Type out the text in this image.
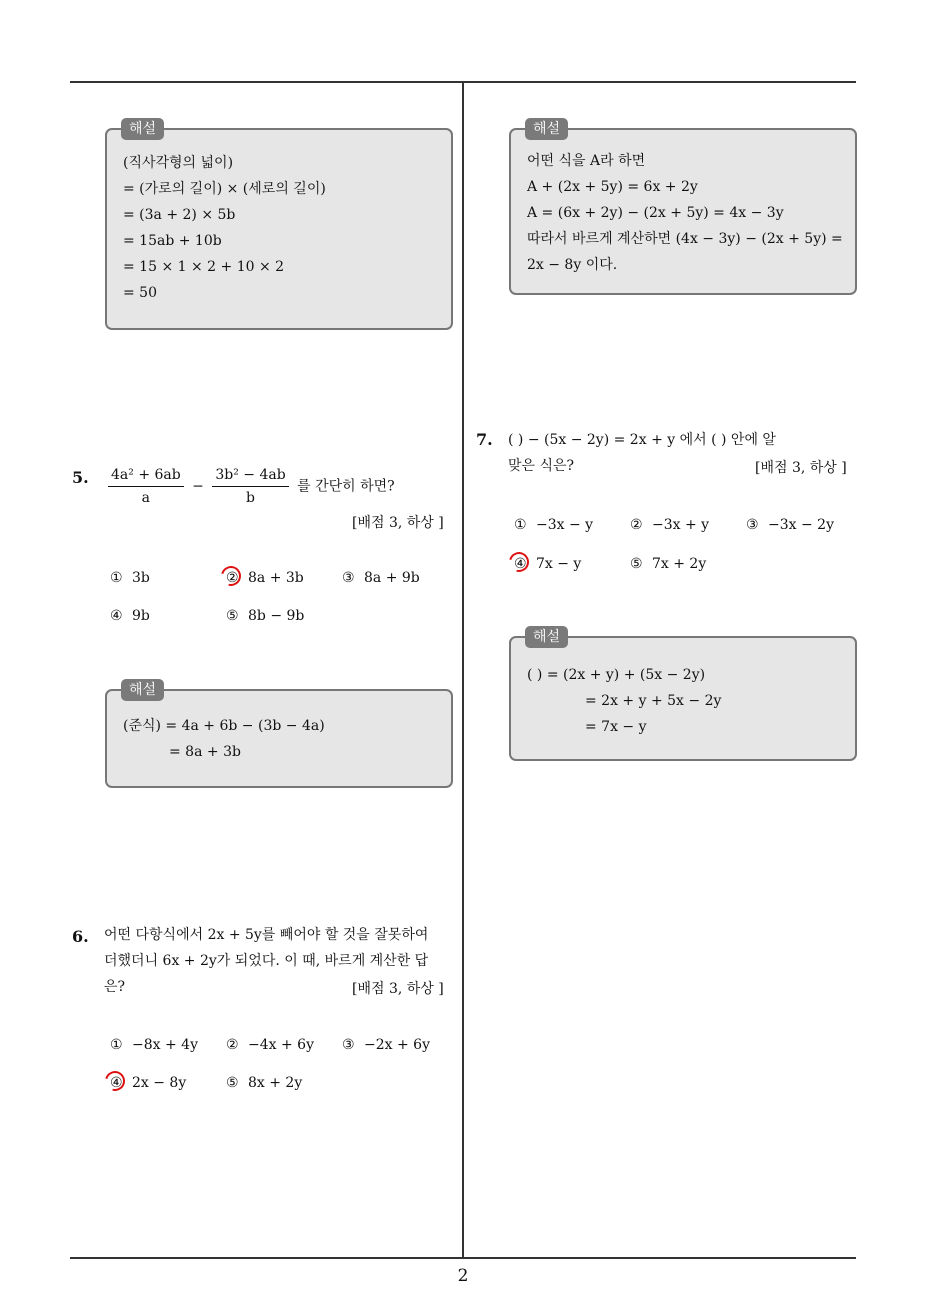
해설
(직사각형의 넓이)
= (가로의 길이) × (세로의 길이)
= (3a + 2) × 5b
= 15ab + 10b
= 15 × 1 × 2 + 10 × 2
= 50
해설
어떤 식을 A라 하면
A + (2x + 5y) = 6x + 2y
A = (6x + 2y) − (2x + 5y) = 4x − 3y
따라서 바르게 계산하면 (4x − 3y) − (2x + 5y) =
2x − 8y 이다.
5. $\frac{\text{4a² + 6ab}}{a} - \frac{\text{3b² − 4ab}}{b}$ 를 간단히 하면?
[배점 3, 하상 ]
① 3b	② 8a + 3b	③ 8a + 9b
④ 9b	⑤ 8b − 9b
해설
(준식) = 4a + 6b − (3b − 4a)
= 8a + 3b
6. 어떤 다항식에서 2x + 5y를 빼어야 할 것을 잘못하여
더했더니 6x + 2y가 되었다. 이 때, 바르게 계산한 답
은?	[배점 3, 하상 ]
① −8x + 4y ② −4x + 6y ③ −2x + 6y
④ 2x − 8y	⑤ 8x + 2y
7. ( ) − (5x − 2y) = 2x + y 에서 ( ) 안에 알
맞은 식은?	[배점 3, 하상 ]
① −3x − y	② −3x + y	③ −3x − 2y
④ 7x − y	⑤ 7x + 2y
해설
( ) = (2x + y) + (5x − 2y)
= 2x + y + 5x − 2y
= 7x − y
2
